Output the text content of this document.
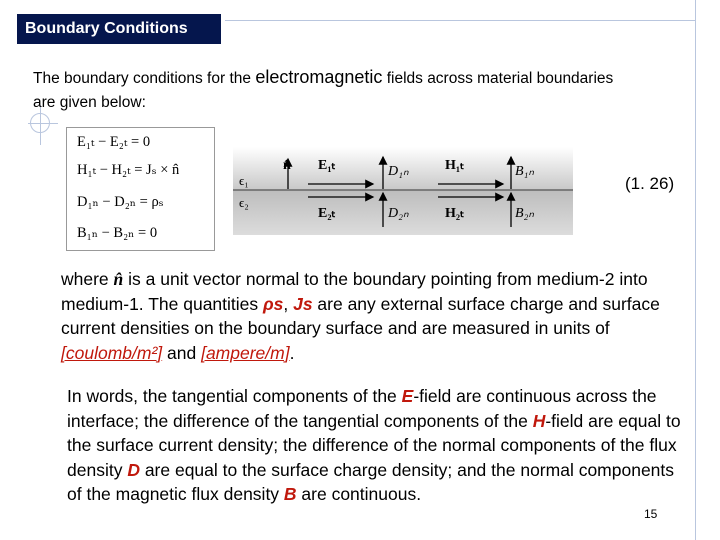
Boundary Conditions
The boundary conditions for the electromagnetic fields across material boundaries are given below:
E₁ₜ − E₂ₜ = 0
H₁ₜ − H₂ₜ = Jₛ × n̂
D₁ₙ − D₂ₙ = ρₛ
B₁ₙ − B₂ₙ = 0
n̂
ϵ₁
ϵ₂
E₁ₜ	D₁ₙ	H₁ₜ	B₁ₙ
E₂ₜ	D₂ₙ	H₂ₜ	B₂ₙ
(1. 26)
where n̂ is a unit vector normal to the boundary pointing from medium-2 into medium-1. The quantities ρs, Js are any external surface charge and surface current densities on the boundary surface and are measured in units of [coulomb/m²] and [ampere/m].
In words, the tangential components of the E-field are continuous across the interface; the difference of the tangential components of the H-field are equal to the surface current density; the difference of the normal components of the flux density D are equal to the surface charge density; and the normal components of the magnetic flux density B are continuous.
15
